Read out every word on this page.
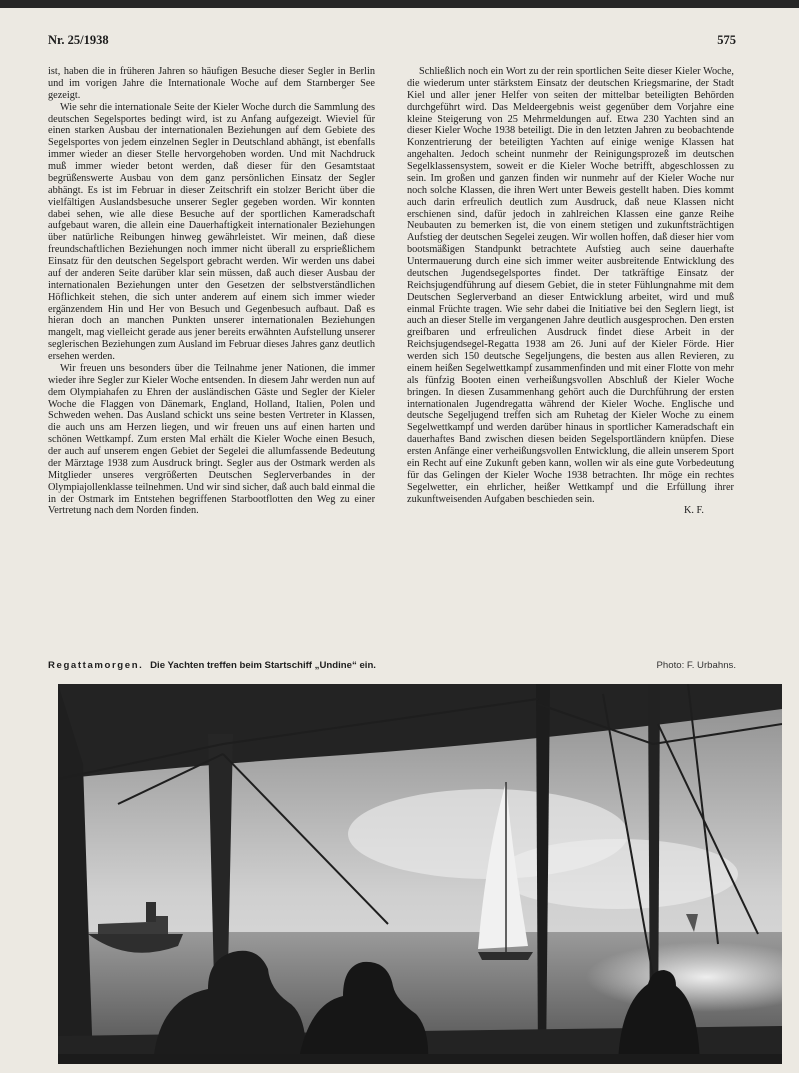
Nr. 25/1938	575

ist, haben die in früheren Jahren so häufigen Besuche dieser Segler in Berlin und im vorigen Jahre die Internationale Woche auf dem Starnberger See gezeigt.

Wie sehr die internationale Seite der Kieler Woche durch die Sammlung des deutschen Segelsportes bedingt wird, ist zu Anfang aufgezeigt. Wieviel für einen starken Ausbau der internationalen Beziehungen auf dem Gebiete des Segelsportes von jedem einzelnen Segler in Deutschland abhängt, ist ebenfalls immer wieder an dieser Stelle hervorgehoben worden. Und mit Nachdruck muß immer wieder betont werden, daß dieser für den Gesamtstaat begrüßenswerte Ausbau von dem ganz persönlichen Einsatz der Segler abhängt. Es ist im Februar in dieser Zeitschrift ein stolzer Bericht über die vielfältigen Auslandsbesuche unserer Segler gegeben worden. Wir konnten dabei sehen, wie alle diese Besuche auf der sportlichen Kameradschaft aufgebaut waren, die allein eine Dauerhaftigkeit internationaler Beziehungen über natürliche Reibungen hinweg gewährleistet. Wir meinen, daß diese freundschaftlichen Beziehungen noch immer nicht überall zu ersprießlichem Einsatz für den deutschen Segelsport gebracht werden. Wir werden uns dabei auf der anderen Seite darüber klar sein müssen, daß auch dieser Ausbau der internationalen Beziehungen unter den Gesetzen der selbstverständlichen Höflichkeit stehen, die sich unter anderem auf einem sich immer wieder ergänzendem Hin und Her von Besuch und Gegenbesuch aufbaut. Daß es hieran doch an manchen Punkten unserer internationalen Beziehungen mangelt, mag vielleicht gerade aus jener bereits erwähnten Aufstellung unserer seglerischen Beziehungen zum Ausland im Februar dieses Jahres ganz deutlich ersehen werden.

Wir freuen uns besonders über die Teilnahme jener Nationen, die immer wieder ihre Segler zur Kieler Woche entsenden. In diesem Jahr werden nun auf dem Olympiahafen zu Ehren der ausländischen Gäste und Segler der Kieler Woche die Flaggen von Dänemark, England, Holland, Italien, Polen und Schweden wehen. Das Ausland schickt uns seine besten Vertreter in Klassen, die auch uns am Herzen liegen, und wir freuen uns auf einen harten und schönen Wettkampf. Zum ersten Mal erhält die Kieler Woche einen Besuch, der auch auf unserem engen Gebiet der Segelei die allumfassende Bedeutung der Märztage 1938 zum Ausdruck bringt. Segler aus der Ostmark werden als Mitglieder unseres vergrößerten Deutschen Seglerverbandes in der Olympiajollenklasse teilnehmen. Und wir sind sicher, daß auch bald einmal die in der Ostmark im Entstehen begriffenen Starbootflotten den Weg zu einer Vertretung nach dem Norden finden.

Schließlich noch ein Wort zu der rein sportlichen Seite dieser Kieler Woche, die wiederum unter stärkstem Einsatz der deutschen Kriegsmarine, der Stadt Kiel und aller jener Helfer von seiten der mittelbar beteiligten Behörden durchgeführt wird. Das Meldeergebnis weist gegenüber dem Vorjahre eine kleine Steigerung von 25 Mehrmeldungen auf. Etwa 230 Yachten sind an dieser Kieler Woche 1938 beteiligt. Die in den letzten Jahren zu beobachtende Konzentrierung der beteiligten Yachten auf einige wenige Klassen hat angehalten. Jedoch scheint nunmehr der Reinigungsprozeß im deutschen Segelklassensystem, soweit er die Kieler Woche betrifft, abgeschlossen zu sein. Im großen und ganzen finden wir nunmehr auf der Kieler Woche nur noch solche Klassen, die ihren Wert unter Beweis gestellt haben. Dies kommt auch darin erfreulich deutlich zum Ausdruck, daß neue Klassen nicht erschienen sind, dafür jedoch in zahlreichen Klassen eine ganze Reihe Neubauten zu bemerken ist, die von einem stetigen und zukunftsträchtigen Aufstieg der deutschen Segelei zeugen. Wir wollen hoffen, daß dieser hier vom bootsmäßigen Standpunkt betrachtete Aufstieg auch seine dauerhafte Untermauerung durch eine sich immer weiter ausbreitende Entwicklung des deutschen Jugendsegelsportes findet. Der tatkräftige Einsatz der Reichsjugendführung auf diesem Gebiet, die in steter Fühlungnahme mit dem Deutschen Seglerverband an dieser Entwicklung arbeitet, wird und muß einmal Früchte tragen. Wie sehr dabei die Initiative bei den Seglern liegt, ist auch an dieser Stelle im vergangenen Jahre deutlich ausgesprochen. Den ersten greifbaren und erfreulichen Ausdruck findet diese Arbeit in der Reichsjugendsegel-Regatta 1938 am 26. Juni auf der Kieler Förde. Hier werden sich 150 deutsche Segeljungens, die besten aus allen Revieren, zu einem heißen Segelwettkampf zusammenfinden und mit einer Flotte von mehr als fünfzig Booten einen verheißungsvollen Abschluß der Kieler Woche bringen. In diesen Zusammenhang gehört auch die Durchführung der ersten internationalen Jugendregatta während der Kieler Woche. Englische und deutsche Segeljugend treffen sich am Ruhetag der Kieler Woche zu einem Segelwettkampf und werden darüber hinaus in sportlicher Kameradschaft ein dauerhaftes Band zwischen diesen beiden Segelsportländern knüpfen. Diese ersten Anfänge einer verheißungsvollen Entwicklung, die allein unserem Sport ein Recht auf eine Zukunft geben kann, wollen wir als eine gute Vorbedeutung für das Gelingen der Kieler Woche 1938 betrachten. Ihr möge ein rechtes Segelwetter, ein ehrlicher, heißer Wettkampf und die Erfüllung ihrer zukunftweisenden Aufgaben beschieden sein.

K. F.

Regattamorgen. Die Yachten treffen beim Startschiff „Undine“ ein.	Photo: F. Urbahns.
